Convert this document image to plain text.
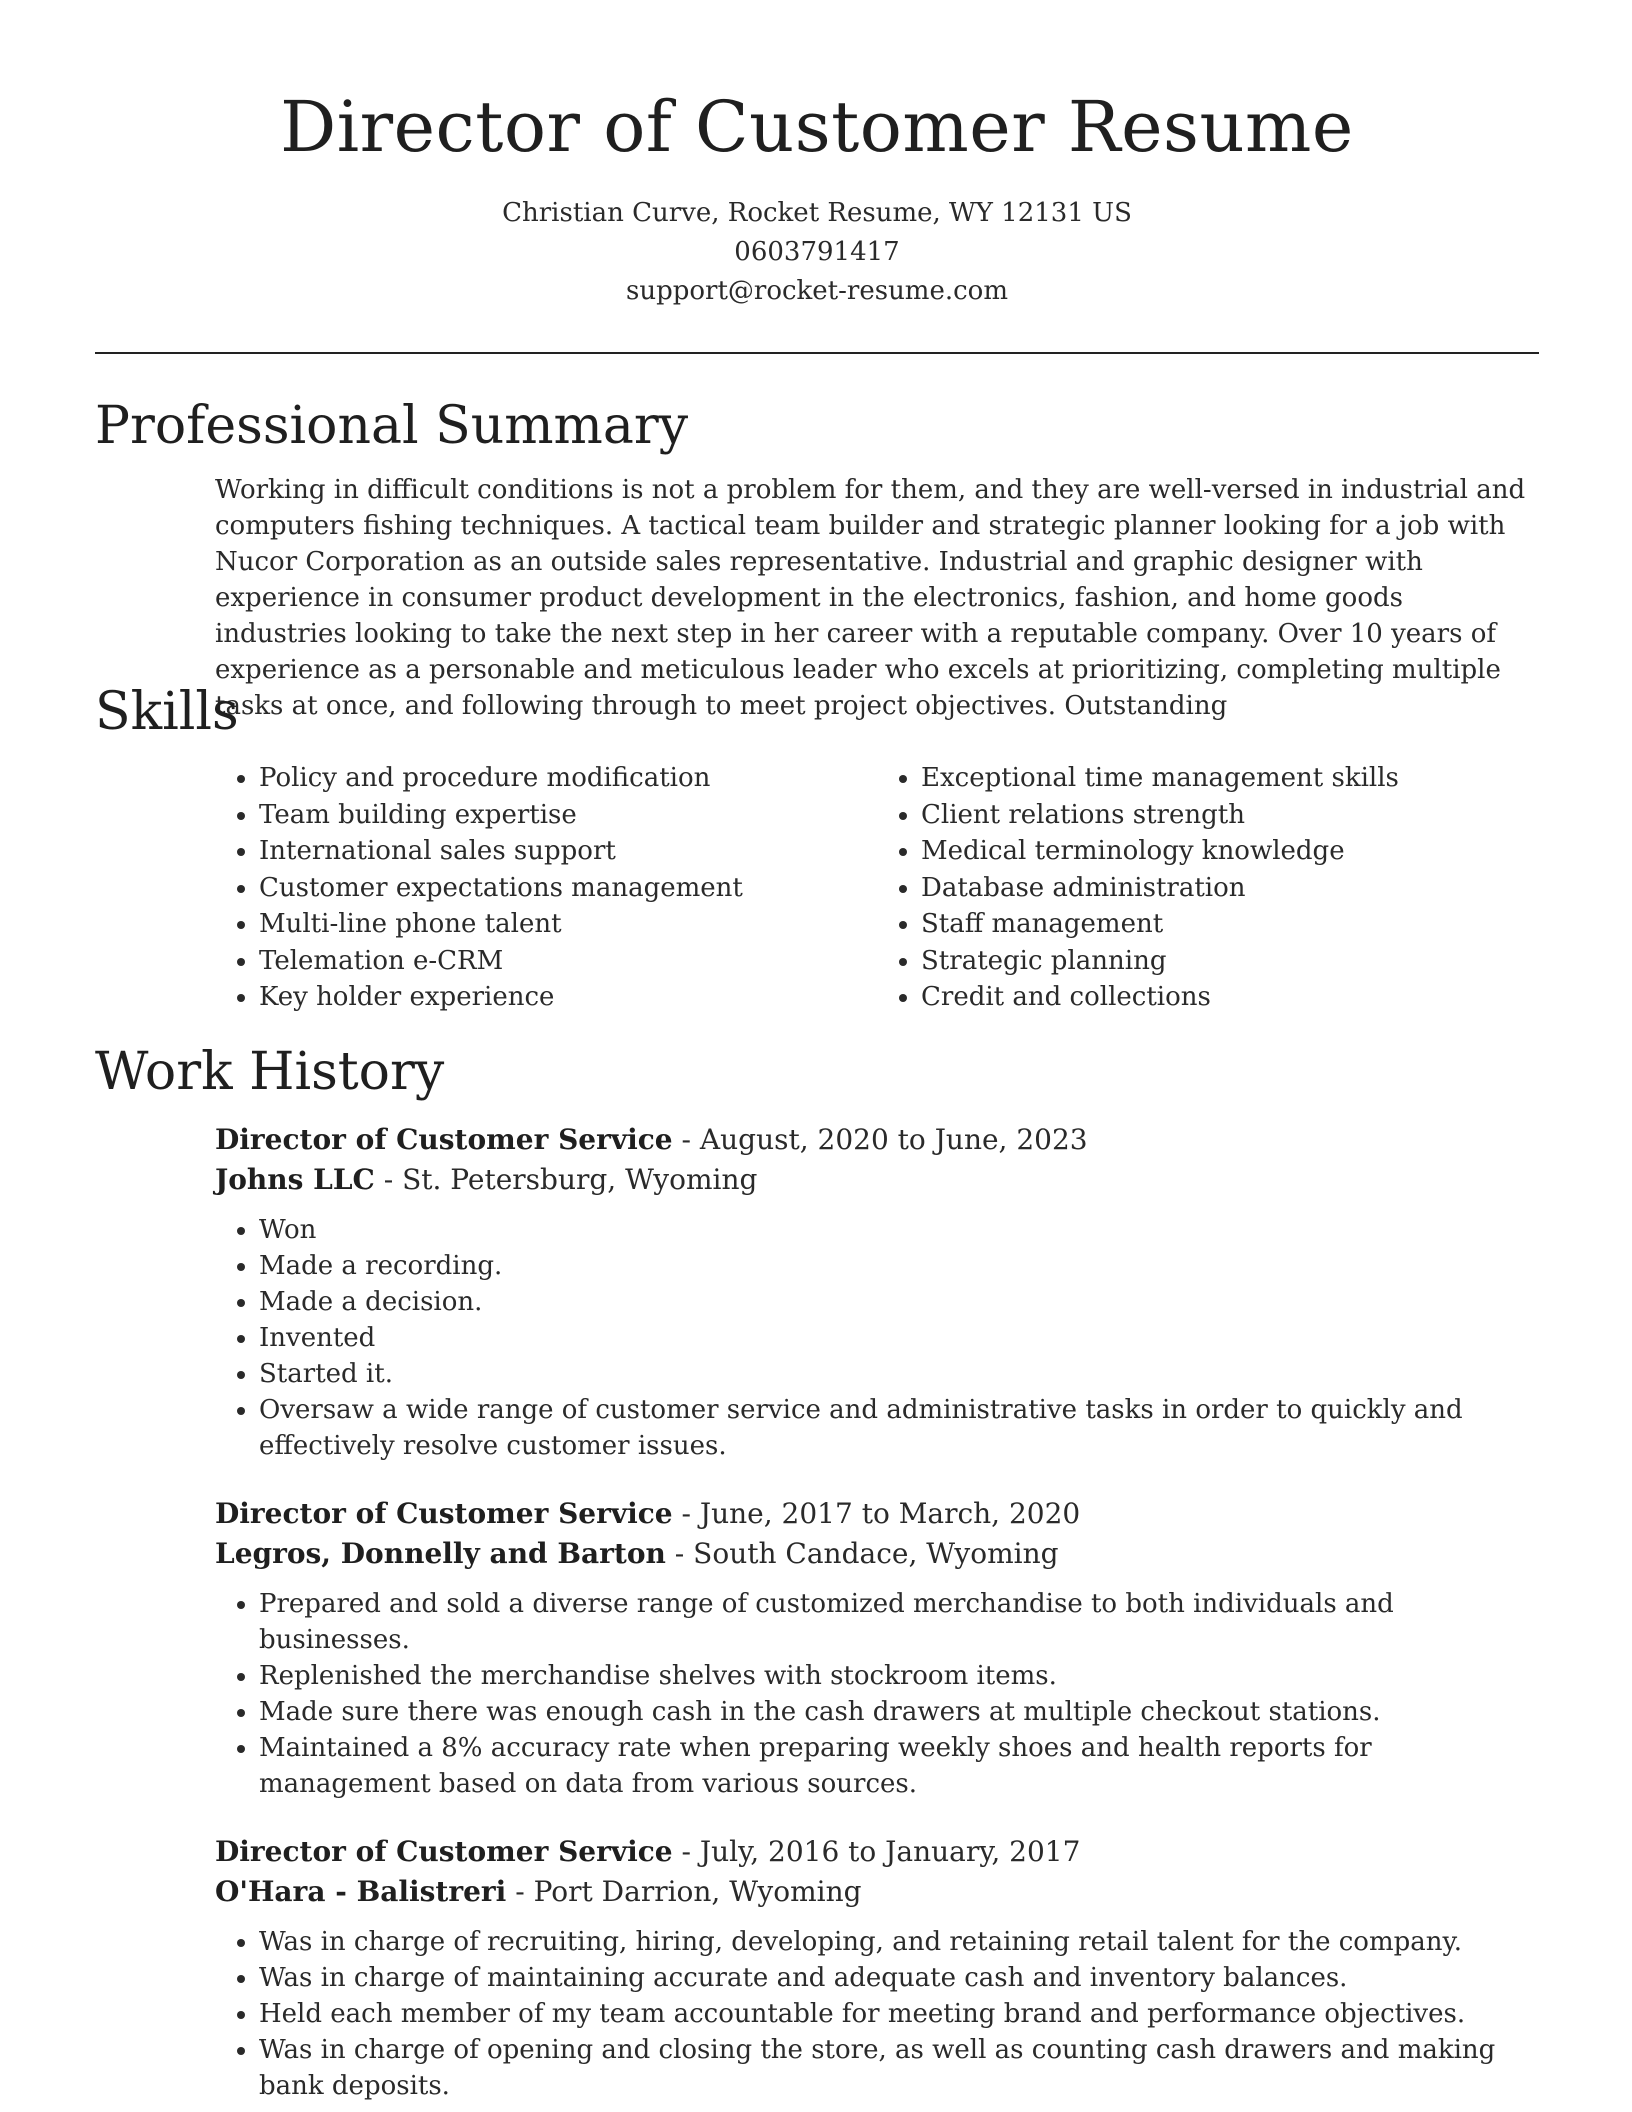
Director of Customer Resume
Christian Curve, Rocket Resume, WY 12131 US
0603791417
support@rocket-resume.com
Professional Summary

Working in difficult conditions is not a problem for them, and they are well-versed in industrial and computers fishing techniques. A tactical team builder and strategic planner looking for a job with Nucor Corporation as an outside sales representative. Industrial and graphic designer with experience in consumer product development in the electronics, fashion, and home goods industries looking to take the next step in her career with a reputable company. Over 10 years of experience as a personable and meticulous leader who excels at prioritizing, completing multiple tasks at once, and following through to meet project objectives. Outstanding

Skills
• Policy and procedure modification
• Team building expertise
• International sales support
• Customer expectations management
• Multi-line phone talent
• Telemation e-CRM
• Key holder experience
• Exceptional time management skills
• Client relations strength
• Medical terminology knowledge
• Database administration
• Staff management
• Strategic planning
• Credit and collections
Work History
Director of Customer Service - August, 2020 to June, 2023
Johns LLC - St. Petersburg, Wyoming
• Won
• Made a recording.
• Made a decision.
• Invented
• Started it.
• Oversaw a wide range of customer service and administrative tasks in order to quickly and effectively resolve customer issues.
Director of Customer Service - June, 2017 to March, 2020
Legros, Donnelly and Barton - South Candace, Wyoming
• Prepared and sold a diverse range of customized merchandise to both individuals and businesses.
• Replenished the merchandise shelves with stockroom items.
• Made sure there was enough cash in the cash drawers at multiple checkout stations.
• Maintained a 8% accuracy rate when preparing weekly shoes and health reports for management based on data from various sources.
Director of Customer Service - July, 2016 to January, 2017
O'Hara - Balistreri - Port Darrion, Wyoming
• Was in charge of recruiting, hiring, developing, and retaining retail talent for the company.
• Was in charge of maintaining accurate and adequate cash and inventory balances.
• Held each member of my team accountable for meeting brand and performance objectives.
• Was in charge of opening and closing the store, as well as counting cash drawers and making bank deposits.
